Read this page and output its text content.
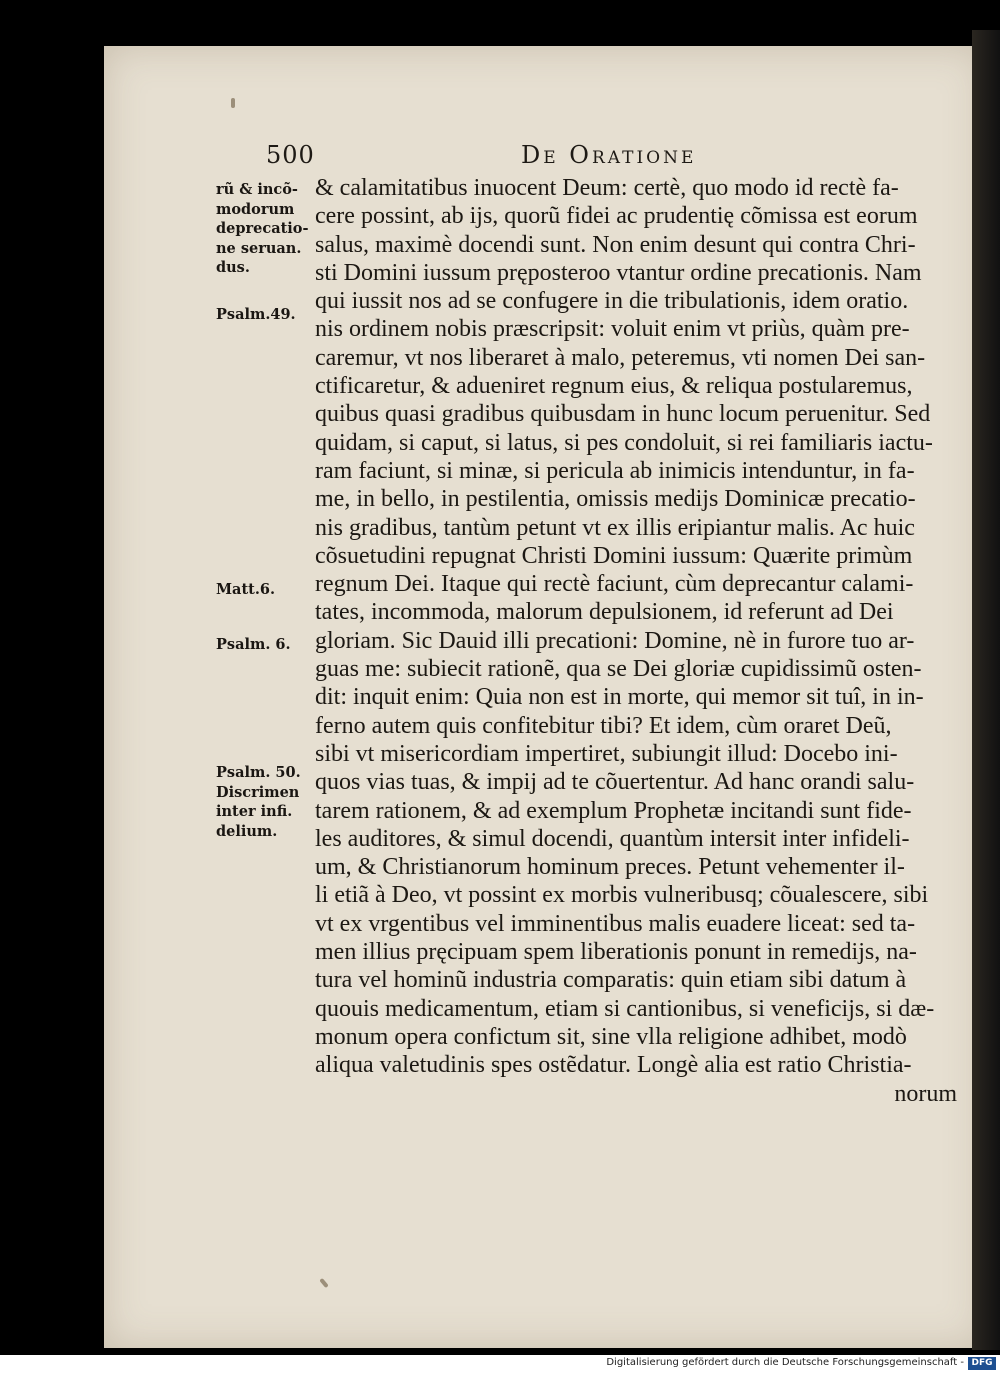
500	De Oratione
rũ & incõ-
modorum
deprecatio-
ne seruan.
dus.
Psalm.49.
Matt.6.
Psalm. 6.
Psalm. 50.
Discrimen
inter infi.
delium.
& calamitatibus inuocent Deum: certè, quo modo id rectè fa-
cere possint, ab ijs, quorũ fidei ac prudentię cõmissa est eorum
salus, maximè docendi sunt. Non enim desunt qui contra Chri-
sti Domini iussum pręposteroо vtantur ordine precationis. Nam
qui iussit nos ad se confugere in die tribulationis, idem oratio.
nis ordinem nobis præscripsit: voluit enim vt priùs, quàm pre-
caremur, vt nos liberaret à malo, peteremus, vti nomen Dei san-
ctificaretur, & adueniret regnum eius, & reliqua postularemus,
quibus quasi gradibus quibusdam in hunc locum peruenitur. Sed
quidam, si caput, si latus, si pes condoluit, si rei familiaris iactu-
ram faciunt, si minæ, si pericula ab inimicis intenduntur, in fa-
me, in bello, in pestilentia, omissis medijs Dominicæ precatio-
nis gradibus, tantùm petunt vt ex illis eripiantur malis. Ac huic
cõsuetudini repugnat Christi Domini iussum: Quærite primùm
regnum Dei. Itaque qui rectè faciunt, cùm deprecantur calami-
tates, incommoda, malorum depulsionem, id referunt ad Dei
gloriam. Sic Dauid illi precationi: Domine, nè in furore tuo ar-
guas me: subiecit rationẽ, qua se Dei gloriæ cupidissimũ osten-
dit: inquit enim: Quia non est in morte, qui memor sit tuî, in in-
ferno autem quis confitebitur tibi? Et idem, cùm oraret Deũ,
sibi vt misericordiam impertiret, subiungit illud: Docebo ini-
quos vias tuas, & impij ad te cõuertentur. Ad hanc orandi salu-
tarem rationem, & ad exemplum Prophetæ incitandi sunt fide-
les auditores, & simul docendi, quantùm intersit inter infideli-
um, & Christianorum hominum preces. Petunt vehementer il-
li etiã à Deo, vt possint ex morbis vulneribusq; cõualescere, sibi
vt ex vrgentibus vel imminentibus malis euadere liceat: sed ta-
men illius pręcipuam spem liberationis ponunt in remedijs, na-
tura vel hominũ industria comparatis: quin etiam sibi datum à
quouis medicamentum, etiam si cantionibus, si veneficijs, si dæ-
monum opera confictum sit, sine vlla religione adhibet, modò
aliqua valetudinis spes ostẽdatur. Longè alia est ratio Christia-
norum
Digitalisierung gefördert durch die Deutsche Forschungsgemeinschaft - DFG
